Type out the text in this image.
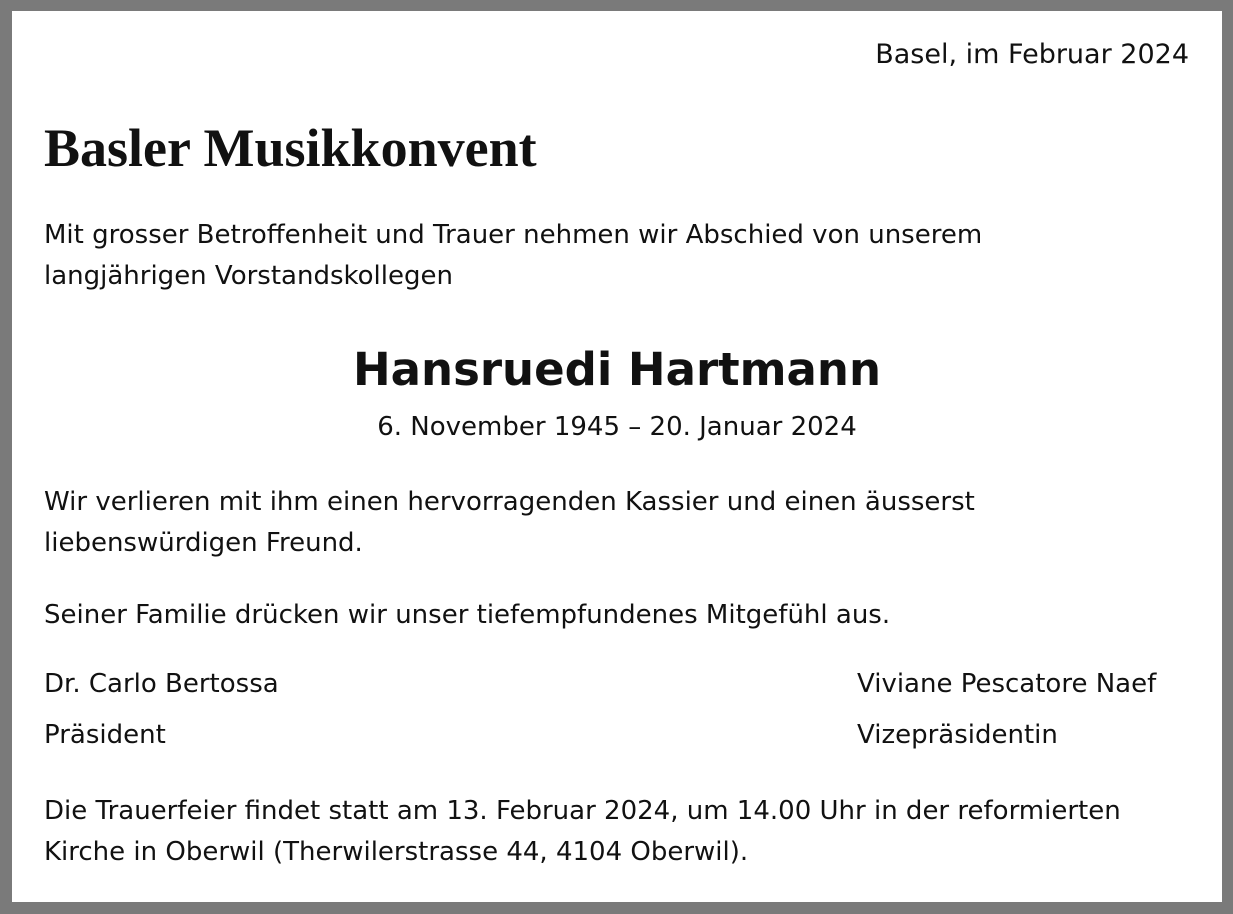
Basel, im Februar 2024
Basler Musikkonvent
Mit grosser Betroffenheit und Trauer nehmen wir Abschied von unserem
langjährigen Vorstandskollegen
Hansruedi Hartmann
6. November 1945 – 20. Januar 2024
Wir verlieren mit ihm einen hervorragenden Kassier und einen äusserst
liebenswürdigen Freund.
Seiner Familie drücken wir unser tiefempfundenes Mitgefühl aus.
Dr. Carlo Bertossa
Präsident
Viviane Pescatore Naef
Vizepräsidentin
Die Trauerfeier findet statt am 13. Februar 2024, um 14.00 Uhr in der reformierten
Kirche in Oberwil (Therwilerstrasse 44, 4104 Oberwil).
